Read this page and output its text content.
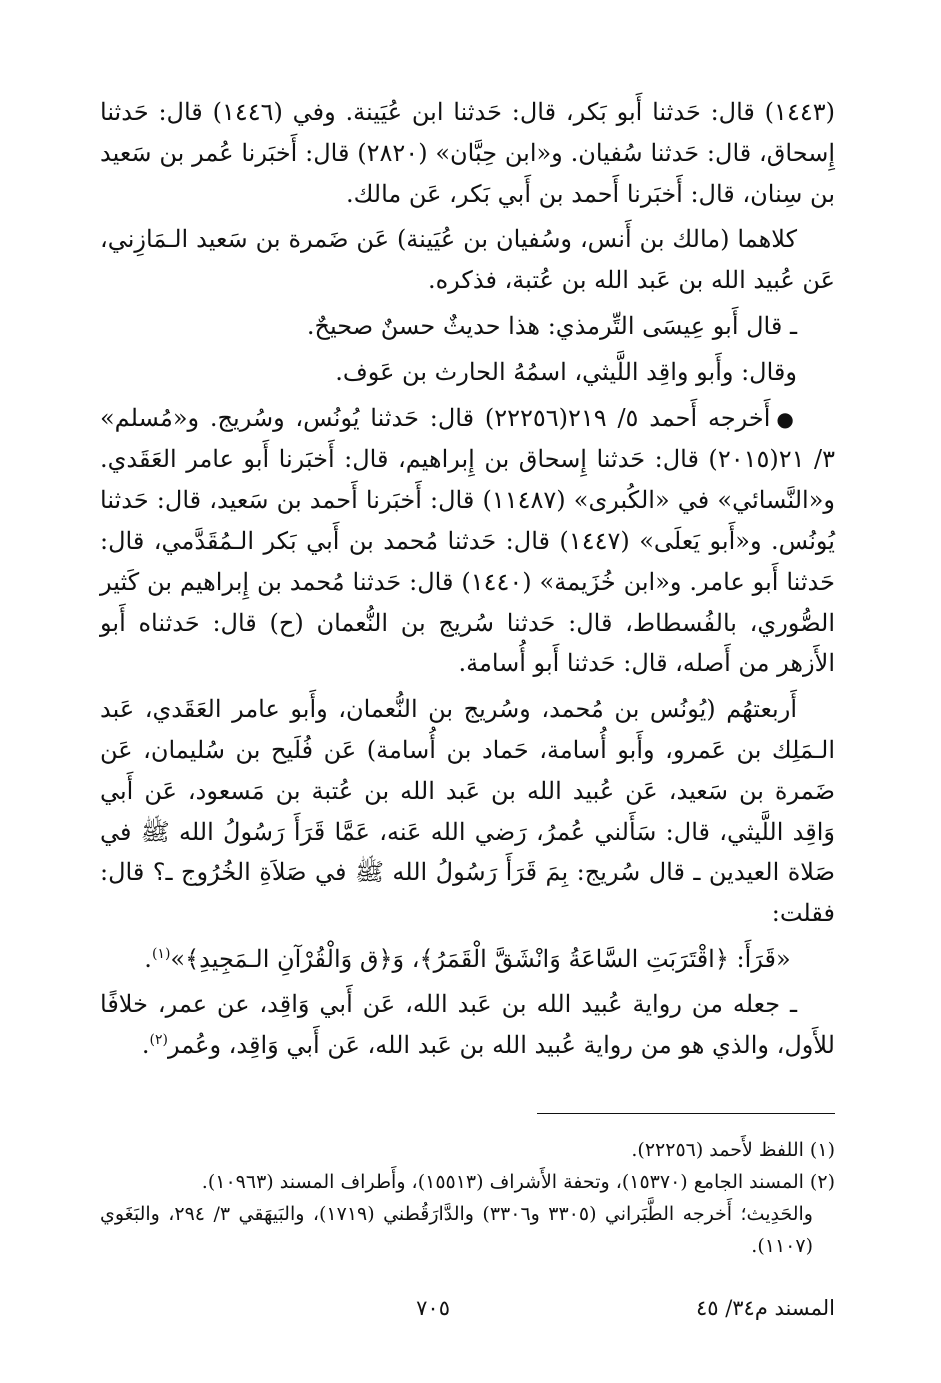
(١٤٤٣) قال: حَدثنا أَبو بَكر، قال: حَدثنا ابن عُيَينة. وفي (١٤٤٦) قال: حَدثنا إِسحاق، قال: حَدثنا سُفيان. و«ابن حِبَّان» (٢٨٢٠) قال: أَخبَرنا عُمر بن سَعيد بن سِنان، قال: أَخبَرنا أَحمد بن أَبي بَكر، عَن مالك.

كلاهما (مالك بن أَنس، وسُفيان بن عُيَينة) عَن ضَمرة بن سَعيد الـمَازِني، عَن عُبيد الله بن عَبد الله بن عُتبة، فذكره.

ـ قال أَبو عِيسَى التِّرمذي: هذا حديثٌ حسنٌ صحيحٌ.

وقال: وأَبو واقِد اللَّيثي، اسمُهُ الحارث بن عَوف.

●أَخرجه أَحمد ٥/ ٢١٩(٢٢٢٥٦) قال: حَدثنا يُونُس، وسُريج. و«مُسلم» ٣/ ٢١(٢٠١٥) قال: حَدثنا إِسحاق بن إِبراهيم، قال: أَخبَرنا أَبو عامر العَقَدي. و«النَّسائي» في «الكُبرى» (١١٤٨٧) قال: أَخبَرنا أَحمد بن سَعيد، قال: حَدثنا يُونُس. و«أَبو يَعلَى» (١٤٤٧) قال: حَدثنا مُحمد بن أَبي بَكر الـمُقَدَّمي، قال: حَدثنا أَبو عامر. و«ابن خُزَيمة» (١٤٤٠) قال: حَدثنا مُحمد بن إِبراهيم بن كَثير الصُّوري، بالفُسطاط، قال: حَدثنا سُريج بن النُّعمان (ح) قال: حَدثناه أَبو الأَزهر من أَصله، قال: حَدثنا أَبو أُسامة.

أَربعتهُم (يُونُس بن مُحمد، وسُريج بن النُّعمان، وأَبو عامر العَقَدي، عَبد الـمَلِك بن عَمرو، وأَبو أُسامة، حَماد بن أُسامة) عَن فُلَيح بن سُليمان، عَن ضَمرة بن سَعيد، عَن عُبيد الله بن عَبد الله بن عُتبة بن مَسعود، عَن أَبي وَاقِد اللَّيثي، قال: سَأَلني عُمرُ، رَضي الله عَنه، عَمَّا قَرَأَ رَسُولُ الله ﷺ في صَلاة العيدين ـ قال سُريج: بِمَ قَرَأَ رَسُولُ الله ﷺ في صَلاَةِ الخُرُوج ـ؟ قال: فقلت:

«قَرَأَ: ﴿اقْتَرَبَتِ السَّاعَةُ وَانْشَقَّ الْقَمَرُ﴾، وَ﴿ق وَالْقُرْآنِ الـمَجِيدِ﴾»$^{(١)}$.

ـ جعله من رواية عُبيد الله بن عَبد الله، عَن أَبي وَاقِد، عن عمر، خلافًا للأَول، والذي هو من رواية عُبيد الله بن عَبد الله، عَن أَبي وَاقِد، وعُمر$^{(٢)}$.

(١) اللفظ لأَحمد (٢٢٢٥٦).

(٢) المسند الجامع (١٥٣٧٠)، وتحفة الأَشراف (١٥٥١٣)، وأَطراف المسند (١٠٩٦٣).

والحَدِيث؛ أَخرجه الطَّبَراني (٣٣٠٥ و٣٣٠٦) والدَّارَقُطني (١٧١٩)، والبَيهَقي ٣/ ٢٩٤، والبَغَوي (١١٠٧).

المسند م٣٤/ ٤٥
٧٠٥
